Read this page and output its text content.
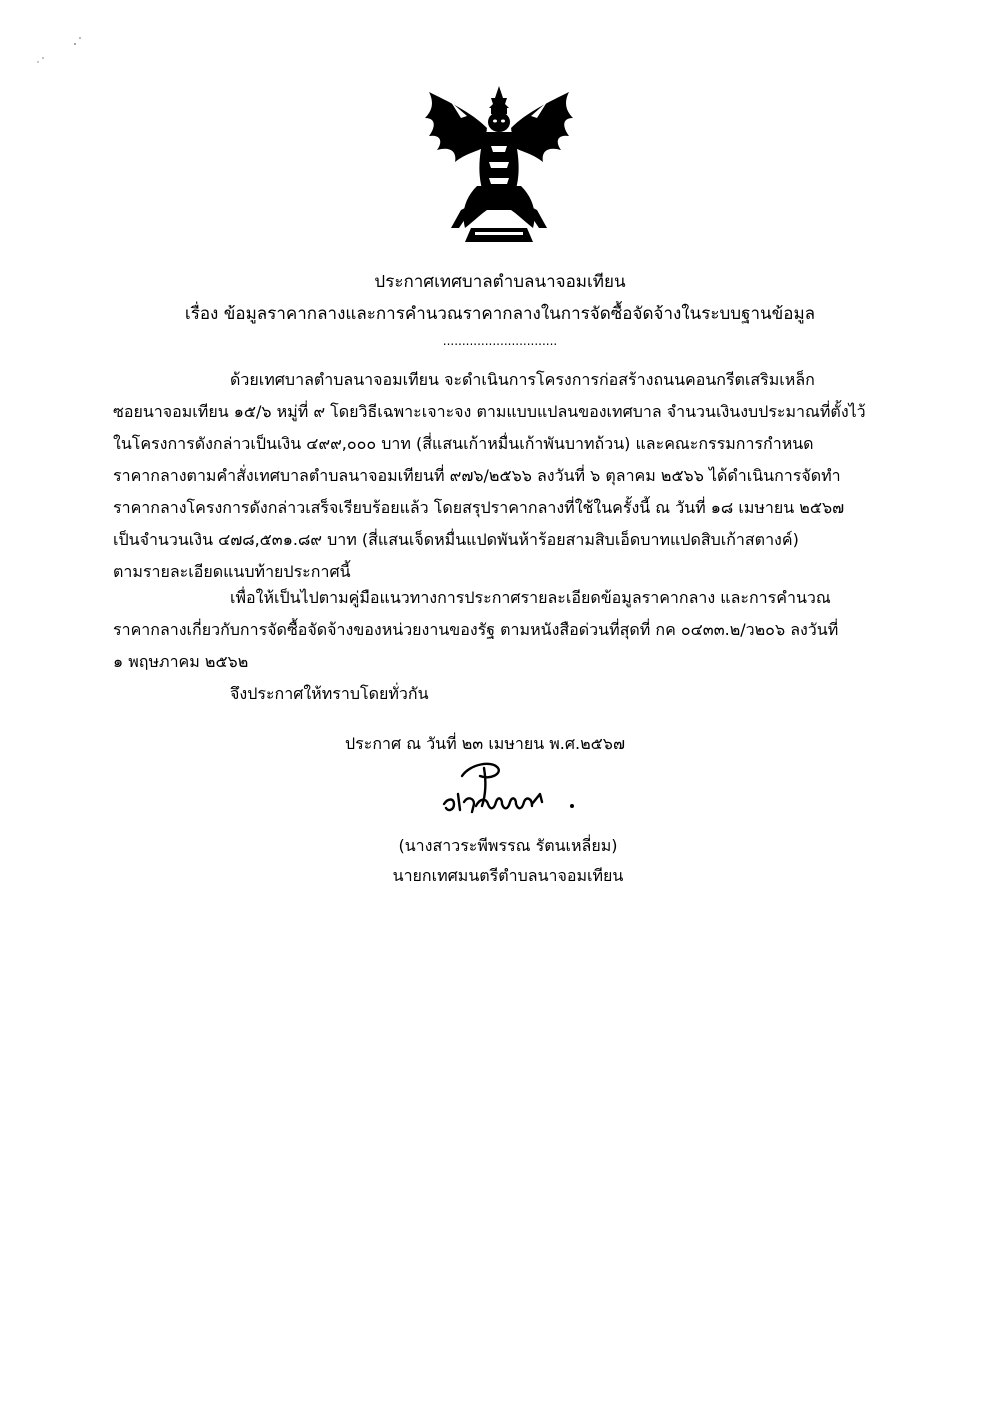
ประกาศเทศบาลตำบลนาจอมเทียน
เรื่อง ข้อมูลราคากลางและการคำนวณราคากลางในการจัดซื้อจัดจ้างในระบบฐานข้อมูล
..............................
ด้วยเทศบาลตำบลนาจอมเทียน จะดำเนินการโครงการก่อสร้างถนนคอนกรีตเสริมเหล็ก
ซอยนาจอมเทียน ๑๕/๖ หมู่ที่ ๙ โดยวิธีเฉพาะเจาะจง ตามแบบแปลนของเทศบาล จำนวนเงินงบประมาณที่ตั้งไว้
ในโครงการดังกล่าวเป็นเงิน ๔๙๙,๐๐๐ บาท (สี่แสนเก้าหมื่นเก้าพันบาทถ้วน) และคณะกรรมการกำหนด
ราคากลางตามคำสั่งเทศบาลตำบลนาจอมเทียนที่ ๙๗๖/๒๕๖๖ ลงวันที่ ๖ ตุลาคม ๒๕๖๖ ได้ดำเนินการจัดทำ
ราคากลางโครงการดังกล่าวเสร็จเรียบร้อยแล้ว โดยสรุปราคากลางที่ใช้ในครั้งนี้ ณ วันที่ ๑๘ เมษายน ๒๕๖๗
เป็นจำนวนเงิน ๔๗๘,๕๓๑.๘๙ บาท (สี่แสนเจ็ดหมื่นแปดพันห้าร้อยสามสิบเอ็ดบาทแปดสิบเก้าสตางค์)
ตามรายละเอียดแนบท้ายประกาศนี้
เพื่อให้เป็นไปตามคู่มือแนวทางการประกาศรายละเอียดข้อมูลราคากลาง และการคำนวณ
ราคากลางเกี่ยวกับการจัดซื้อจัดจ้างของหน่วยงานของรัฐ ตามหนังสือด่วนที่สุดที่ กค ๐๔๓๓.๒/ว๒๐๖ ลงวันที่
๑ พฤษภาคม ๒๕๖๒
จึงประกาศให้ทราบโดยทั่วกัน
ประกาศ ณ วันที่ ๒๓ เมษายน พ.ศ.๒๕๖๗
(นางสาวระพีพรรณ รัตนเหลี่ยม)
นายกเทศมนตรีตำบลนาจอมเทียน
